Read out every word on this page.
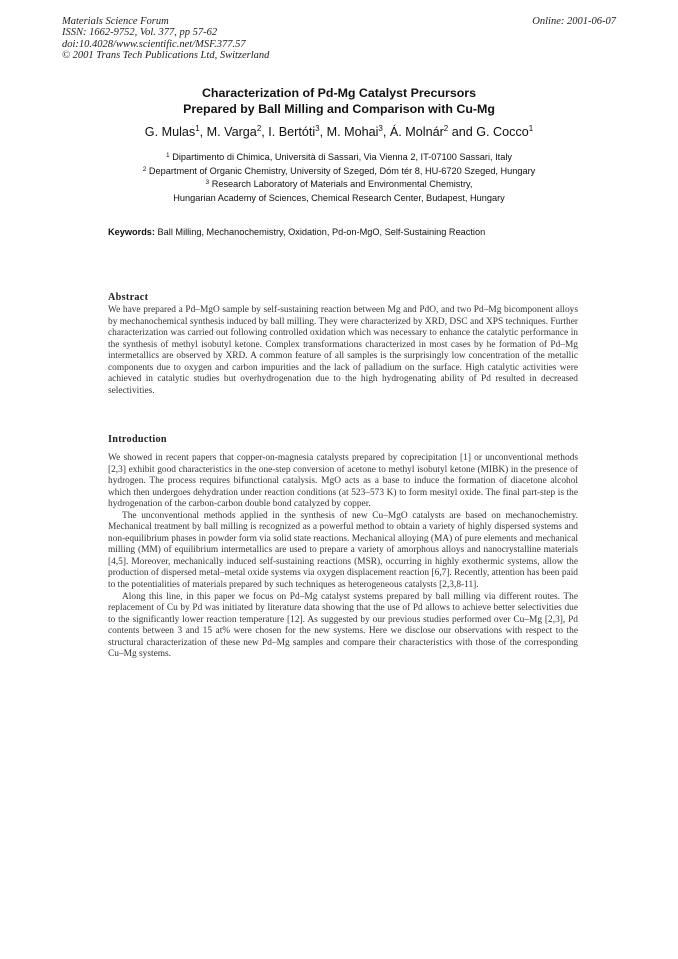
Materials Science Forum
ISSN: 1662-9752, Vol. 377, pp 57-62
doi:10.4028/www.scientific.net/MSF.377.57
© 2001 Trans Tech Publications Ltd, Switzerland
Online: 2001-06-07
Characterization of Pd-Mg Catalyst Precursors
Prepared by Ball Milling and Comparison with Cu-Mg
G. Mulas$^1$, M. Varga$^2$, I. Bertóti$^3$, M. Mohai$^3$, Á. Molnár$^2$ and G. Cocco$^1$
$^1$ Dipartimento di Chimica, Università di Sassari, Via Vienna 2, IT-07100 Sassari, Italy
$^2$ Department of Organic Chemistry, University of Szeged, Dóm tér 8, HU-6720 Szeged, Hungary
$^3$ Research Laboratory of Materials and Environmental Chemistry,
Hungarian Academy of Sciences, Chemical Research Center, Budapest, Hungary
Keywords: Ball Milling, Mechanochemistry, Oxidation, Pd-on-MgO, Self-Sustaining Reaction
Abstract

We have prepared a Pd–MgO sample by self-sustaining reaction between Mg and PdO, and two Pd–Mg bicomponent alloys by mechanochemical synthesis induced by ball milling. They were characterized by XRD, DSC and XPS techniques. Further characterization was carried out following controlled oxidation which was necessary to enhance the catalytic performance in the synthesis of methyl isobutyl ketone. Complex transformations characterized in most cases by he formation of Pd–Mg intermetallics are observed by XRD. A common feature of all samples is the surprisingly low concentration of the metallic components due to oxygen and carbon impurities and the lack of palladium on the surface. High catalytic activities were achieved in catalytic studies but overhydrogenation due to the high hydrogenating ability of Pd resulted in decreased selectivities.

Introduction

We showed in recent papers that copper-on-magnesia catalysts prepared by coprecipitation [1] or unconventional methods [2,3] exhibit good characteristics in the one-step conversion of acetone to methyl isobutyl ketone (MIBK) in the presence of hydrogen. The process requires bifunctional catalysis. MgO acts as a base to induce the formation of diacetone alcohol which then undergoes dehydration under reaction conditions (at 523–573 K) to form mesityl oxide. The final part-step is the hydrogenation of the carbon-carbon double bond catalyzed by copper.

The unconventional methods applied in the synthesis of new Cu–MgO catalysts are based on mechanochemistry. Mechanical treatment by ball milling is recognized as a powerful method to obtain a variety of highly dispersed systems and non-equilibrium phases in powder form via solid state reactions. Mechanical alloying (MA) of pure elements and mechanical milling (MM) of equilibrium intermetallics are used to prepare a variety of amorphous alloys and nanocrystalline materials [4,5]. Moreover, mechanically induced self-sustaining reactions (MSR), occurring in highly exothermic systems, allow the production of dispersed metal–metal oxide systems via oxygen displacement reaction [6,7]. Recently, attention has been paid to the potentialities of materials prepared by such techniques as heterogeneous catalysts [2,3,8-11].

Along this line, in this paper we focus on Pd–Mg catalyst systems prepared by ball milling via different routes. The replacement of Cu by Pd was initiated by literature data showing that the use of Pd allows to achieve better selectivities due to the significantly lower reaction temperature [12]. As suggested by our previous studies performed over Cu–Mg [2,3], Pd contents between 3 and 15 at% were chosen for the new systems. Here we disclose our observations with respect to the structural characterization of these new Pd–Mg samples and compare their characteristics with those of the corresponding Cu–Mg systems.
